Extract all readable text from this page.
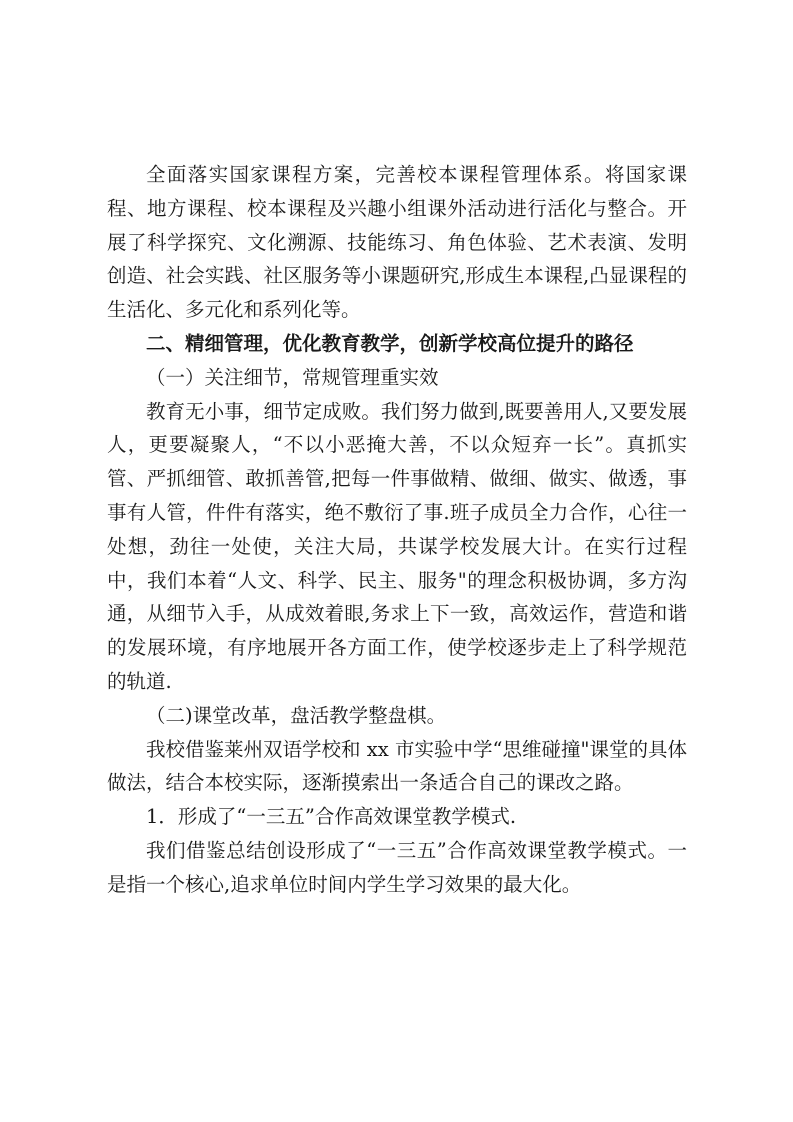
全面落实国家课程方案，完善校本课程管理体系。将国家课程、地方课程、校本课程及兴趣小组课外活动进行活化与整合。开展了科学探究、文化溯源、技能练习、角色体验、艺术表演、发明创造、社会实践、社区服务等小课题研究,形成生本课程,凸显课程的生活化、多元化和系列化等。

二、精细管理，优化教育教学，创新学校高位提升的路径

（一）关注细节，常规管理重实效

教育无小事，细节定成败。我们努力做到,既要善用人,又要发展人，更要凝聚人，“不以小恶掩大善，不以众短弃一长”。真抓实管、严抓细管、敢抓善管,把每一件事做精、做细、做实、做透，事事有人管，件件有落实，绝不敷衍了事.班子成员全力合作，心往一处想，劲往一处使，关注大局，共谋学校发展大计。在实行过程中，我们本着“人文、科学、民主、服务"的理念积极协调，多方沟通，从细节入手，从成效着眼,务求上下一致，高效运作，营造和谐的发展环境，有序地展开各方面工作，使学校逐步走上了科学规范的轨道.

（二)课堂改革，盘活教学整盘棋。

我校借鉴莱州双语学校和 xx 市实验中学“思维碰撞"课堂的具体做法，结合本校实际，逐渐摸索出一条适合自己的课改之路。

1．形成了“一三五”合作高效课堂教学模式.

我们借鉴总结创设形成了“一三五”合作高效课堂教学模式。一是指一个核心,追求单位时间内学生学习效果的最大化。
